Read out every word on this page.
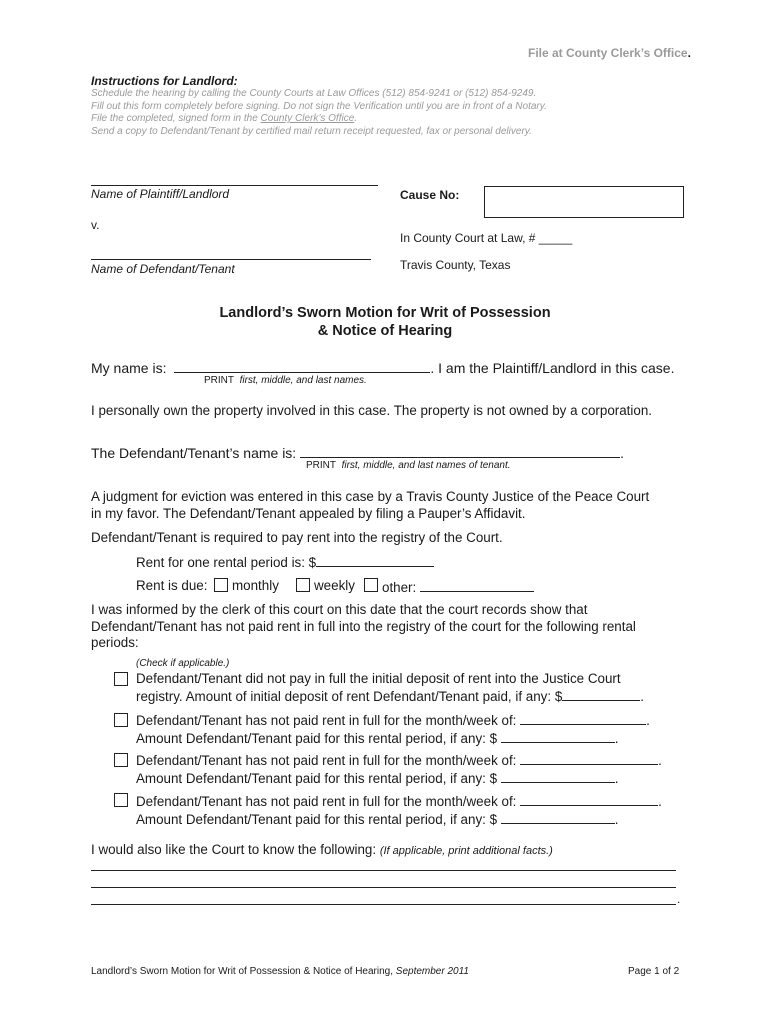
File at County Clerk’s Office.
Instructions for Landlord:
Schedule the hearing by calling the County Courts at Law Offices (512) 854-9241 or (512) 854-9249.
Fill out this form completely before signing. Do not sign the Verification until you are in front of a Notary.
File the completed, signed form in the County Clerk’s Office.
Send a copy to Defendant/Tenant by certified mail return receipt requested, fax or personal delivery.
Name of Plaintiff/Landlord
v.
Name of Defendant/Tenant
Cause No:
In County Court at Law, # _____
Travis County, Texas
Landlord’s Sworn Motion for Writ of Possession
& Notice of Hearing
My name is:	. I am the Plaintiff/Landlord in this case.
PRINT first, middle, and last names.
I personally own the property involved in this case. The property is not owned by a corporation.
The Defendant/Tenant’s name is:	.
PRINT first, middle, and last names of tenant.
A judgment for eviction was entered in this case by a Travis County Justice of the Peace Court
in my favor. The Defendant/Tenant appealed by filing a Pauper’s Affidavit.
Defendant/Tenant is required to pay rent into the registry of the Court.
Rent for one rental period is: $
Rent is due: monthly	weekly other:
I was informed by the clerk of this court on this date that the court records show that
Defendant/Tenant has not paid rent in full into the registry of the court for the following rental
periods:
(Check if applicable.)
Defendant/Tenant did not pay in full the initial deposit of rent into the Justice Court
registry. Amount of initial deposit of rent Defendant/Tenant paid, if any: $	.
Defendant/Tenant has not paid rent in full for the month/week of:	.
Amount Defendant/Tenant paid for this rental period, if any: $	.
Defendant/Tenant has not paid rent in full for the month/week of:	.
Amount Defendant/Tenant paid for this rental period, if any: $	.
Defendant/Tenant has not paid rent in full for the month/week of:	.
Amount Defendant/Tenant paid for this rental period, if any: $	.
I would also like the Court to know the following: (If applicable, print additional facts.)
.
Landlord’s Sworn Motion for Writ of Possession & Notice of Hearing, September 2011	Page 1 of 2
